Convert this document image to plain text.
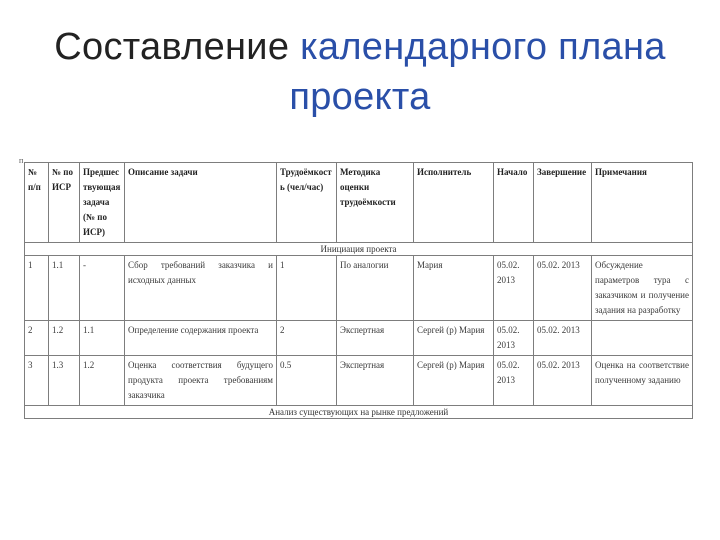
Составление календарного плана
проекта
п
№ п/п	№ по ИСР	Предшествующая задача (№ по ИСР)	Описание задачи	Трудоёмкость (чел/час)	Методика оценки трудоёмкости	Исполнитель	Начало	Завершение	Примечания
Инициация проекта									
1	1.1	-	Сбор требований заказчика и исходных данных	1	По аналогии	Мария	05.02. 2013	05.02. 2013	Обсуждение параметров тура с заказчиком и получение задания на разработку
2	1.2	1.1	Определение содержания проекта	2	Экспертная	Сергей (р) Мария	05.02. 2013	05.02. 2013	
3	1.3	1.2	Оценка соответствия будущего продукта проекта требованиям заказчика	0.5	Экспертная	Сергей (р) Мария	05.02. 2013	05.02. 2013	Оценка на соответствие полученному заданию
Анализ существующих на рынке предложений									
